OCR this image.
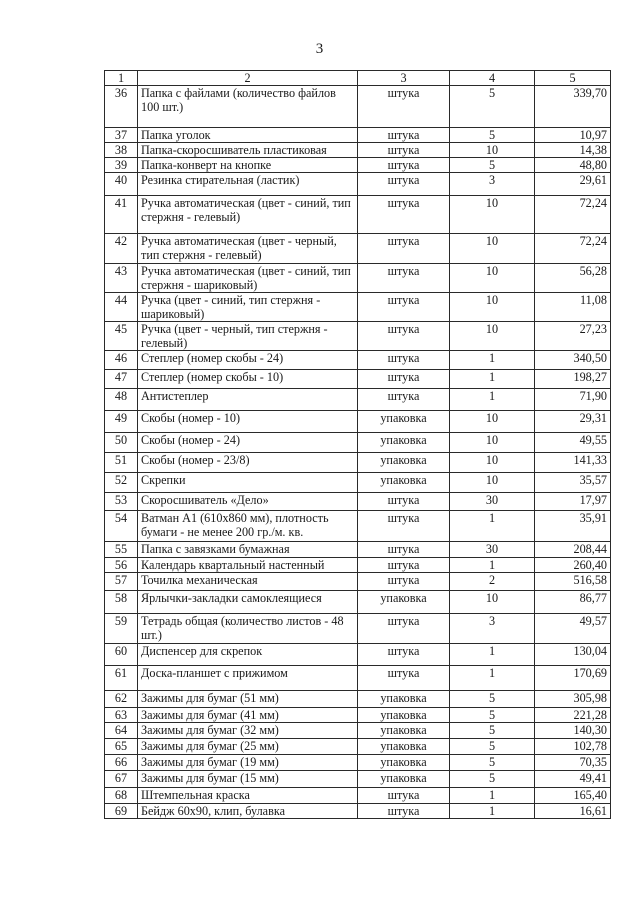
3
1	2	3	4	5
36	Папка с файлами (количество файлов 100 шт.)	штука	5	339,70
37	Папка уголок	штука	5	10,97
38	Папка-скоросшиватель пластиковая	штука	10	14,38
39	Папка-конверт на кнопке	штука	5	48,80
40	Резинка стирательная (ластик)	штука	3	29,61
41	Ручка автоматическая (цвет - синий, тип стержня - гелевый)	штука	10	72,24
42	Ручка автоматическая (цвет - черный, тип стержня - гелевый)	штука	10	72,24
43	Ручка автоматическая (цвет - синий, тип стержня - шариковый)	штука	10	56,28
44	Ручка (цвет - синий, тип стержня - шариковый)	штука	10	11,08
45	Ручка (цвет - черный, тип стержня - гелевый)	штука	10	27,23
46	Степлер (номер скобы - 24)	штука	1	340,50
47	Степлер (номер скобы - 10)	штука	1	198,27
48	Антистеплер	штука	1	71,90
49	Скобы (номер - 10)	упаковка	10	29,31
50	Скобы (номер - 24)	упаковка	10	49,55
51	Скобы (номер - 23/8)	упаковка	10	141,33
52	Скрепки	упаковка	10	35,57
53	Скоросшиватель «Дело»	штука	30	17,97
54	Ватман А1 (610х860 мм), плотность бумаги - не менее 200 гр./м. кв.	штука	1	35,91
55	Папка с завязками бумажная	штука	30	208,44
56	Календарь квартальный настенный	штука	1	260,40
57	Точилка механическая	штука	2	516,58
58	Ярлычки-закладки самоклеящиеся	упаковка	10	86,77
59	Тетрадь общая (количество листов - 48 шт.)	штука	3	49,57
60	Диспенсер для скрепок	штука	1	130,04
61	Доска-планшет с прижимом	штука	1	170,69
62	Зажимы для бумаг (51 мм)	упаковка	5	305,98
63	Зажимы для бумаг (41 мм)	упаковка	5	221,28
64	Зажимы для бумаг (32 мм)	упаковка	5	140,30
65	Зажимы для бумаг (25 мм)	упаковка	5	102,78
66	Зажимы для бумаг (19 мм)	упаковка	5	70,35
67	Зажимы для бумаг (15 мм)	упаковка	5	49,41
68	Штемпельная краска	штука	1	165,40
69	Бейдж 60х90, клип, булавка	штука	1	16,61
